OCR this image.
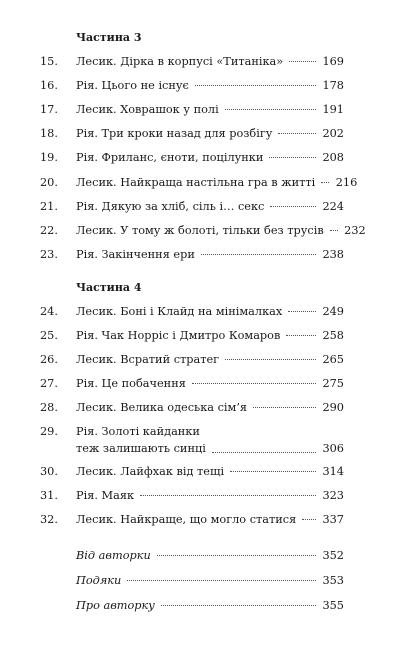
Частина 3
15.	Лесик. Дірка в корпусі «Титаніка»	169
16.	Рія. Цього не існує	178
17.	Лесик. Ховрашок у полі	191
18.	Рія. Три кроки назад для розбігу	202
19.	Рія. Фриланс, єноти, поцілунки	208
20.	Лесик. Найкраща настільна гра в житті 216
21.	Рія. Дякую за хліб, сіль і… секс	224
22.	Лесик. У тому ж болоті, тільки без трусів 232
23.	Рія. Закінчення ери	238
Частина 4
24.	Лесик. Боні і Клайд на мінімалках	249
25.	Рія. Чак Норріс і Дмитро Комаров	258
26.	Лесик. Всратий стратег	265
27.	Рія. Це побачення	275
28.	Лесик. Велика одеська сім’я	290
29.	Рія. Золоті кайданки
теж залишають синці	306
30.	Лесик. Лайфхак від тещі	314
31.	Рія. Маяк	323
32.	Лесик. Найкраще, що могло статися 337
Від авторки	352
Подяки	353
Про авторку	355
